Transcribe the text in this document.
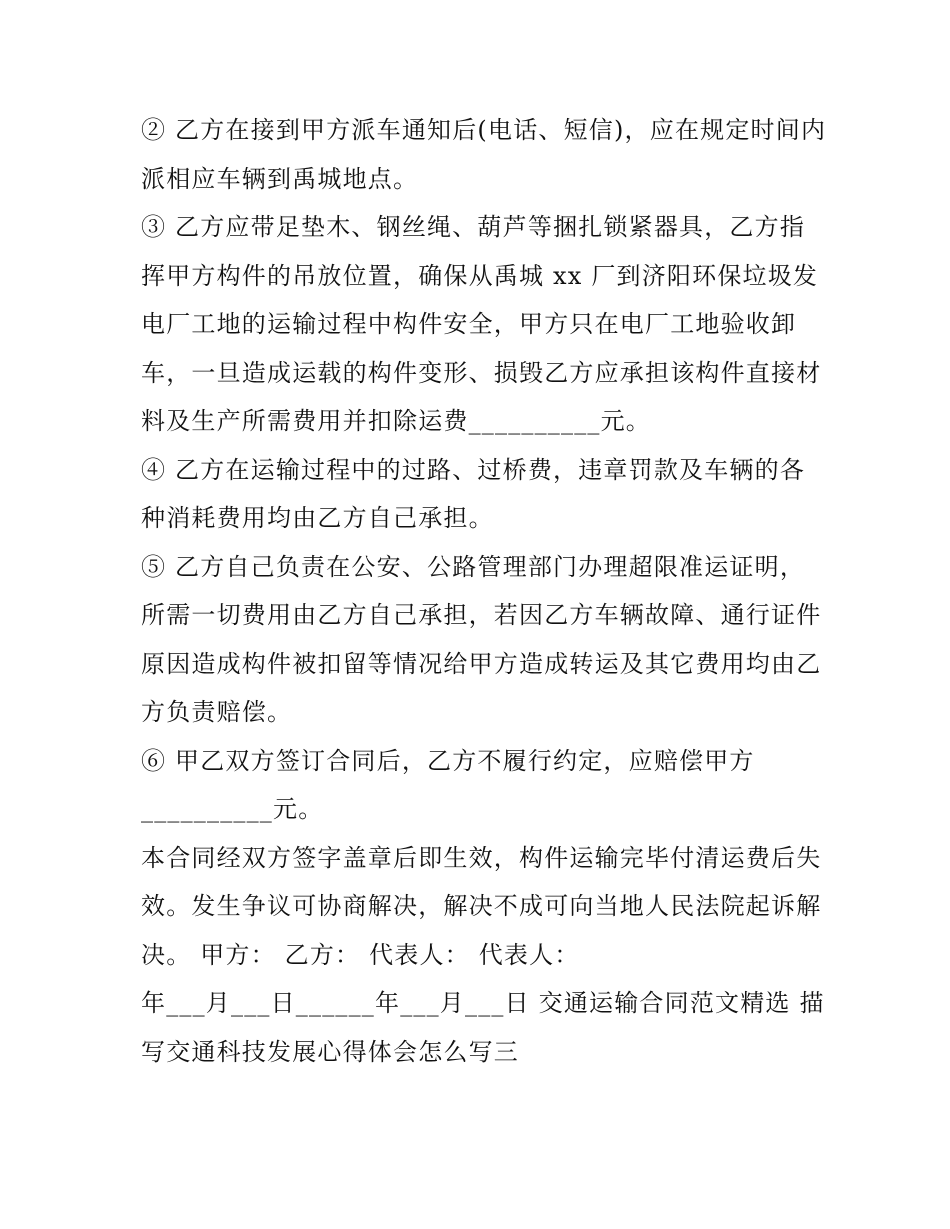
② 乙方在接到甲方派车通知后(电话、短信)，应在规定时间内
派相应车辆到禹城地点。
③ 乙方应带足垫木、钢丝绳、葫芦等捆扎锁紧器具，乙方指
挥甲方构件的吊放位置，确保从禹城 xx 厂到济阳环保垃圾发
电厂工地的运输过程中构件安全，甲方只在电厂工地验收卸
车，一旦造成运载的构件变形、损毁乙方应承担该构件直接材
料及生产所需费用并扣除运费__________元。
④ 乙方在运输过程中的过路、过桥费，违章罚款及车辆的各
种消耗费用均由乙方自己承担。
⑤ 乙方自己负责在公安、公路管理部门办理超限准运证明，
所需一切费用由乙方自己承担，若因乙方车辆故障、通行证件
原因造成构件被扣留等情况给甲方造成转运及其它费用均由乙
方负责赔偿。
⑥ 甲乙双方签订合同后，乙方不履行约定，应赔偿甲方
__________元。
本合同经双方签字盖章后即生效，构件运输完毕付清运费后失
效。发生争议可协商解决，解决不成可向当地人民法院起诉解
决。 甲方： 乙方： 代表人： 代表人：
年___月___日______年___月___日 交通运输合同范文精选 描
写交通科技发展心得体会怎么写三
